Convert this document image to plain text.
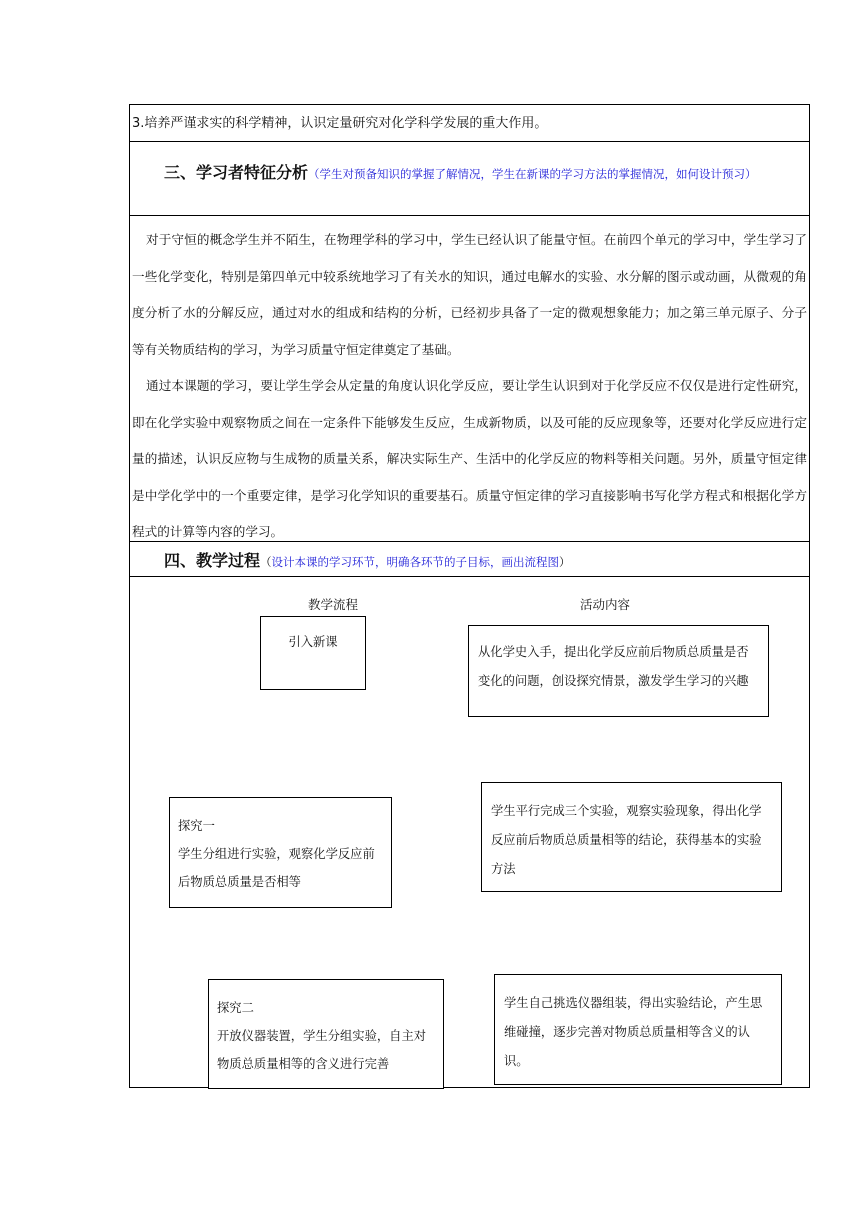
3.培养严谨求实的科学精神，认识定量研究对化学科学发展的重大作用。
三、学习者特征分析（学生对预备知识的掌握了解情况，学生在新课的学习方法的掌握情况，如何设计预习）

对于守恒的概念学生并不陌生，在物理学科的学习中，学生已经认识了能量守恒。在前四个单元的学习中，学生学习了一些化学变化，特别是第四单元中较系统地学习了有关水的知识，通过电解水的实验、水分解的图示或动画，从微观的角度分析了水的分解反应，通过对水的组成和结构的分析，已经初步具备了一定的微观想象能力；加之第三单元原子、分子等有关物质结构的学习，为学习质量守恒定律奠定了基础。

通过本课题的学习，要让学生学会从定量的角度认识化学反应，要让学生认识到对于化学反应不仅仅是进行定性研究，即在化学实验中观察物质之间在一定条件下能够发生反应，生成新物质，以及可能的反应现象等，还要对化学反应进行定量的描述，认识反应物与生成物的质量关系，解决实际生产、生活中的化学反应的物料等相关问题。另外，质量守恒定律是中学化学中的一个重要定律，是学习化学知识的重要基石。质量守恒定律的学习直接影响书写化学方程式和根据化学方程式的计算等内容的学习。

四、教学过程（设计本课的学习环节，明确各环节的子目标，画出流程图）
教学流程	活动内容
引入新课
从化学史入手，提出化学反应前后物质总质量是否变化的问题，创设探究情景，激发学生学习的兴趣
探究一
学生分组进行实验，观察化学反应前后物质总质量是否相等
学生平行完成三个实验，观察实验现象，得出化学反应前后物质总质量相等的结论，获得基本的实验方法
探究二
开放仪器装置，学生分组实验，自主对物质总质量相等的含义进行完善
学生自己挑选仪器组装，得出实验结论，产生思维碰撞，逐步完善对物质总质量相等含义的认识。
